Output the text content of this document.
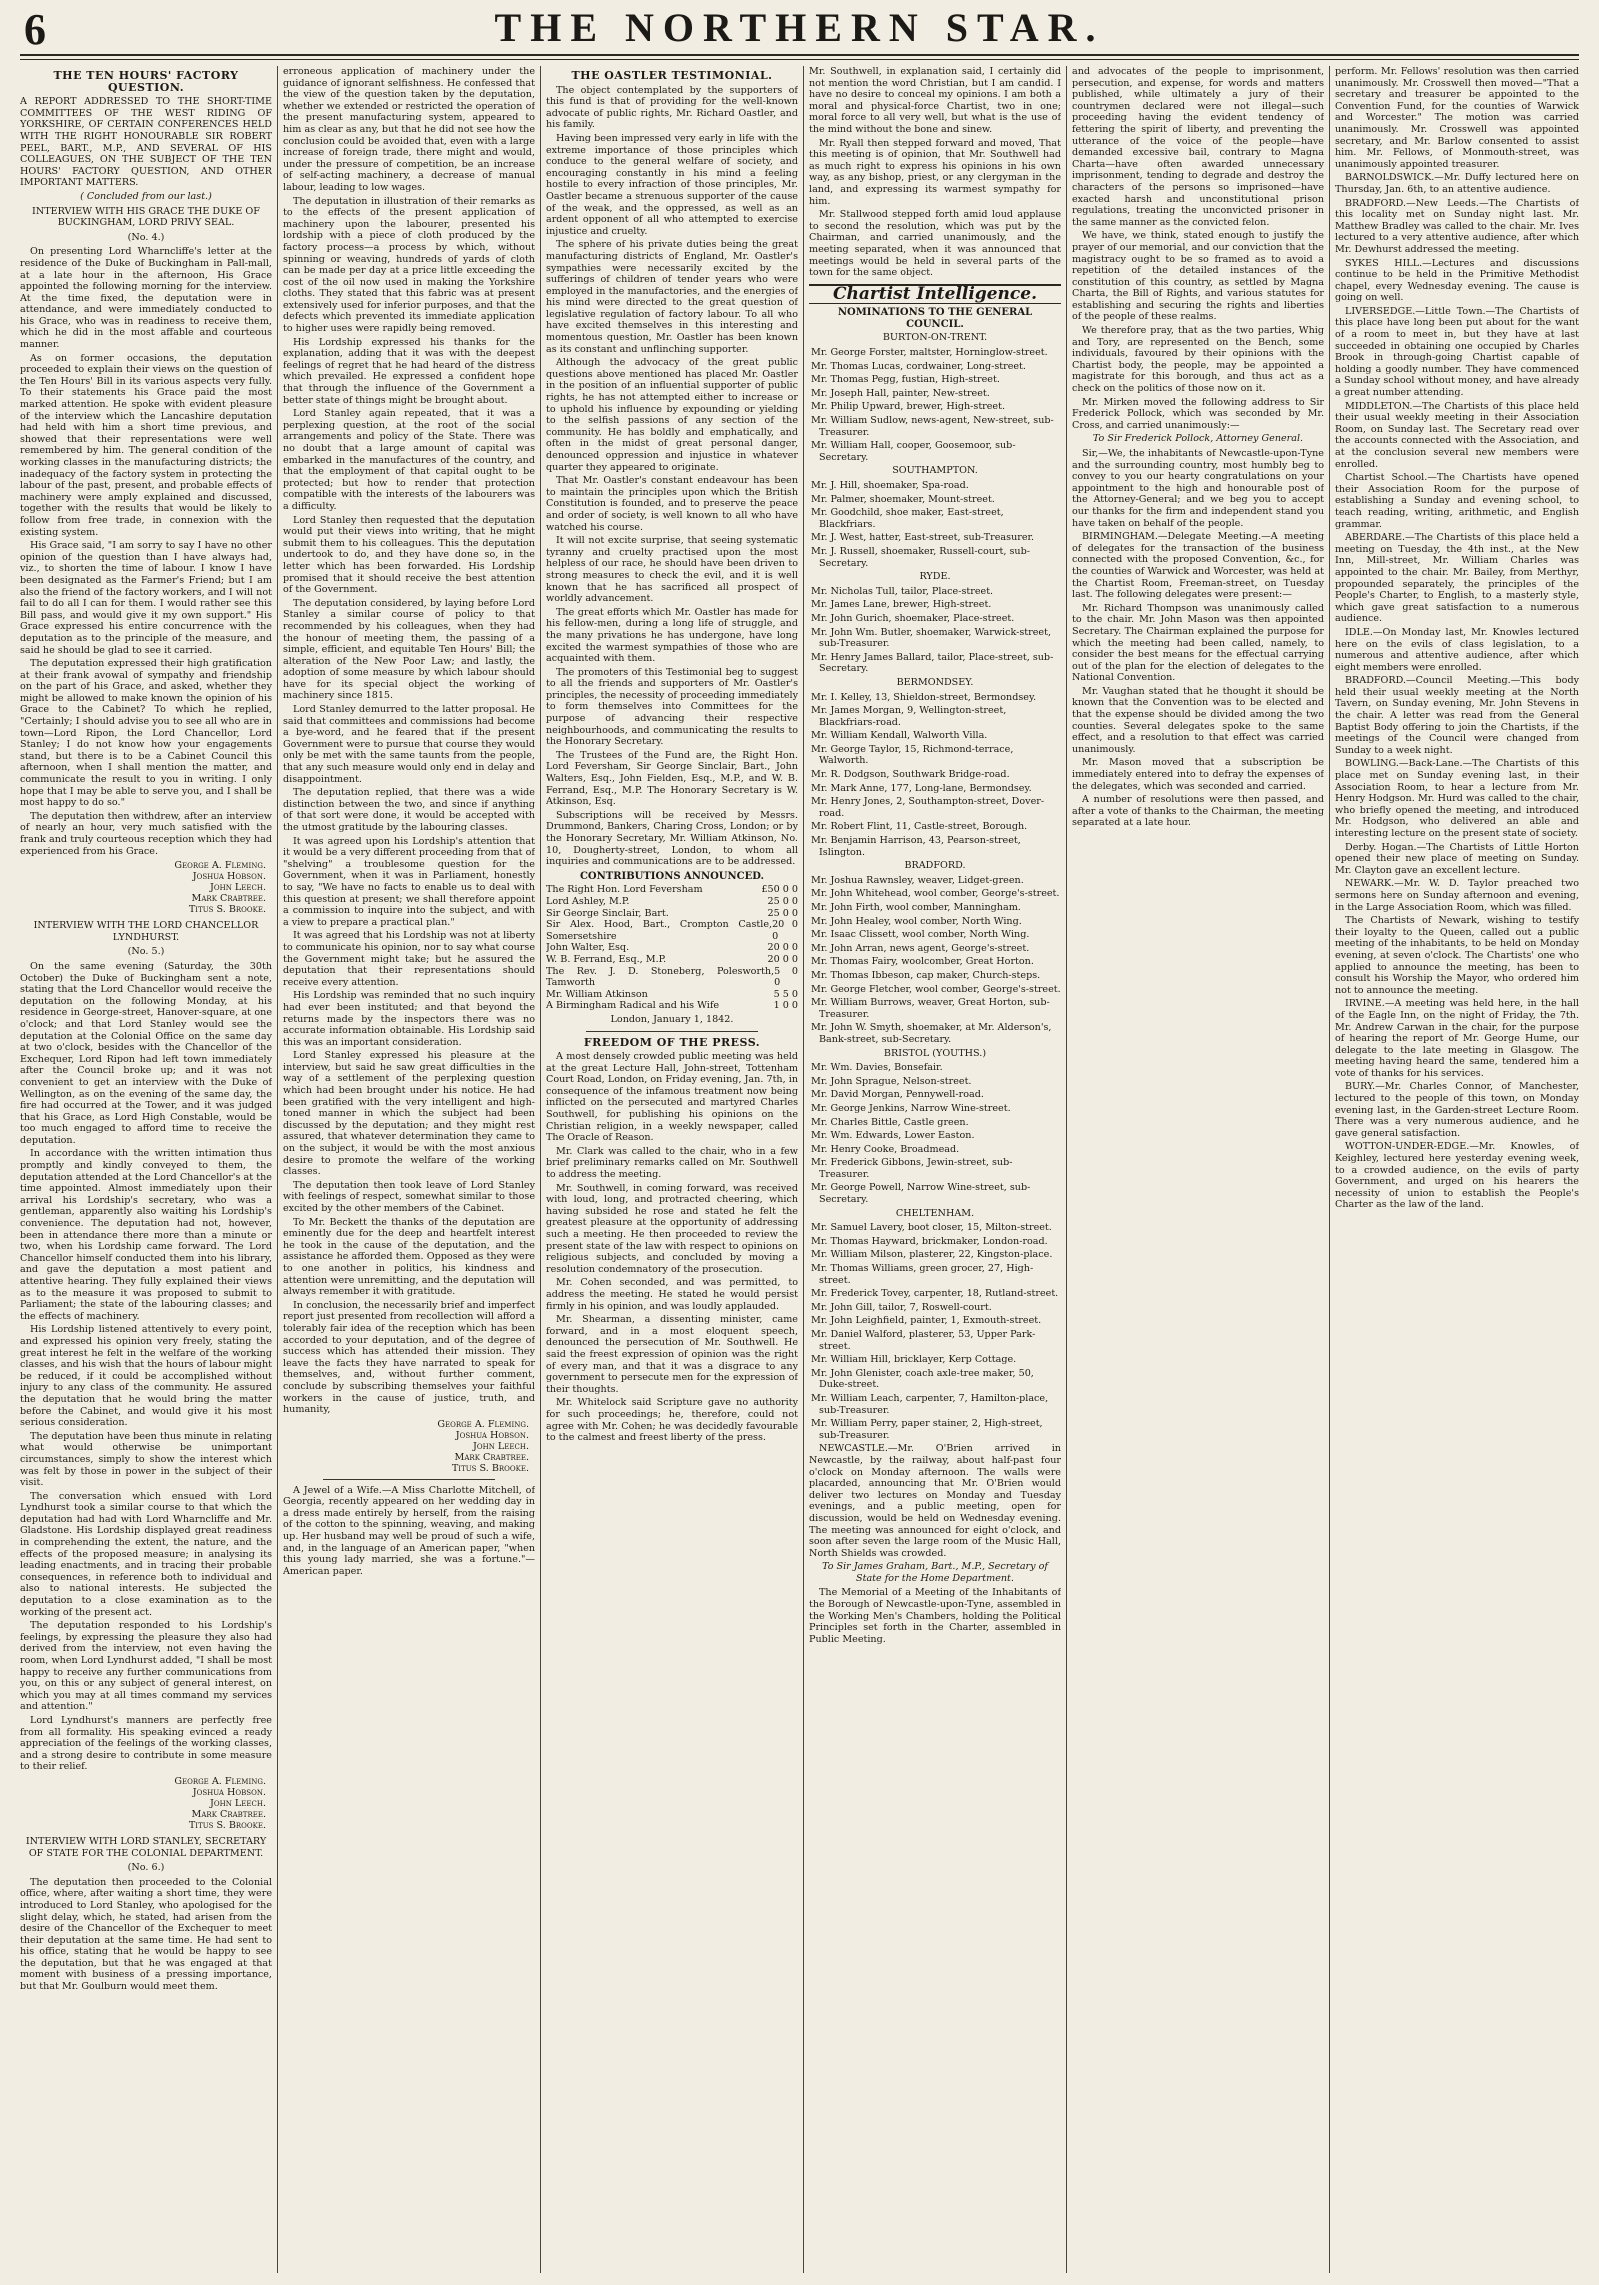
6	THE NORTHERN STAR.
THE TEN HOURS' FACTORY QUESTION.

A REPORT ADDRESSED TO THE SHORT-TIME COMMITTEES OF THE WEST RIDING OF YORKSHIRE, OF CERTAIN CONFERENCES HELD WITH THE RIGHT HONOURABLE SIR ROBERT PEEL, BART., M.P., AND SEVERAL OF HIS COLLEAGUES, ON THE SUBJECT OF THE TEN HOURS' FACTORY QUESTION, AND OTHER IMPORTANT MATTERS.

( Concluded from our last.)
INTERVIEW WITH HIS GRACE THE DUKE OF BUCKINGHAM, LORD PRIVY SEAL.
(No. 4.)

On presenting Lord Wharncliffe's letter at the residence of the Duke of Buckingham in Pall-mall, at a late hour in the afternoon, His Grace appointed the following morning for the interview. At the time fixed, the deputation were in attendance, and were immediately conducted to his Grace, who was in readiness to receive them, which he did in the most affable and courteous manner.

As on former occasions, the deputation proceeded to explain their views on the question of the Ten Hours' Bill in its various aspects very fully. To their statements his Grace paid the most marked attention. He spoke with evident pleasure of the interview which the Lancashire deputation had held with him a short time previous, and showed that their representations were well remembered by him. The general condition of the working classes in the manufacturing districts; the inadequacy of the factory system in protecting the labour of the past, present, and probable effects of machinery were amply explained and discussed, together with the results that would be likely to follow from free trade, in connexion with the existing system.

His Grace said, "I am sorry to say I have no other opinion of the question than I have always had, viz., to shorten the time of labour. I know I have been designated as the Farmer's Friend; but I am also the friend of the factory workers, and I will not fail to do all I can for them. I would rather see this Bill pass, and would give it my own support." His Grace expressed his entire concurrence with the deputation as to the principle of the measure, and said he should be glad to see it carried.

The deputation expressed their high gratification at their frank avowal of sympathy and friendship on the part of his Grace, and asked, whether they might be allowed to make known the opinion of his Grace to the Cabinet? To which he replied, "Certainly; I should advise you to see all who are in town—Lord Ripon, the Lord Chancellor, Lord Stanley; I do not know how your engagements stand, but there is to be a Cabinet Council this afternoon, when I shall mention the matter, and communicate the result to you in writing. I only hope that I may be able to serve you, and I shall be most happy to do so."

The deputation then withdrew, after an interview of nearly an hour, very much satisfied with the frank and truly courteous reception which they had experienced from his Grace.

George A. Fleming.
Joshua Hobson.
John Leech.
Mark Crabtree.
Titus S. Brooke.
INTERVIEW WITH THE LORD CHANCELLOR LYNDHURST.
(No. 5.)

On the same evening (Saturday, the 30th October) the Duke of Buckingham sent a note, stating that the Lord Chancellor would receive the deputation on the following Monday, at his residence in George-street, Hanover-square, at one o'clock; and that Lord Stanley would see the deputation at the Colonial Office on the same day at two o'clock, besides with the Chancellor of the Exchequer, Lord Ripon had left town immediately after the Council broke up; and it was not convenient to get an interview with the Duke of Wellington, as on the evening of the same day, the fire had occurred at the Tower, and it was judged that his Grace, as Lord High Constable, would be too much engaged to afford time to receive the deputation.

In accordance with the written intimation thus promptly and kindly conveyed to them, the deputation attended at the Lord Chancellor's at the time appointed. Almost immediately upon their arrival his Lordship's secretary, who was a gentleman, apparently also waiting his Lordship's convenience. The deputation had not, however, been in attendance there more than a minute or two, when his Lordship came forward. The Lord Chancellor himself conducted them into his library, and gave the deputation a most patient and attentive hearing. They fully explained their views as to the measure it was proposed to submit to Parliament; the state of the labouring classes; and the effects of machinery.

His Lordship listened attentively to every point, and expressed his opinion very freely, stating the great interest he felt in the welfare of the working classes, and his wish that the hours of labour might be reduced, if it could be accomplished without injury to any class of the community. He assured the deputation that he would bring the matter before the Cabinet, and would give it his most serious consideration.

The deputation have been thus minute in relating what would otherwise be unimportant circumstances, simply to show the interest which was felt by those in power in the subject of their visit.

The conversation which ensued with Lord Lyndhurst took a similar course to that which the deputation had had with Lord Wharncliffe and Mr. Gladstone. His Lordship displayed great readiness in comprehending the extent, the nature, and the effects of the proposed measure; in analysing its leading enactments, and in tracing their probable consequences, in reference both to individual and also to national interests. He subjected the deputation to a close examination as to the working of the present act.

The deputation responded to his Lordship's feelings, by expressing the pleasure they also had derived from the interview, not even having the room, when Lord Lyndhurst added, "I shall be most happy to receive any further communications from you, on this or any subject of general interest, on which you may at all times command my services and attention."

Lord Lyndhurst's manners are perfectly free from all formality. His speaking evinced a ready appreciation of the feelings of the working classes, and a strong desire to contribute in some measure to their relief.

George A. Fleming.
Joshua Hobson.
John Leech.
Mark Crabtree.
Titus S. Brooke.
INTERVIEW WITH LORD STANLEY, SECRETARY OF STATE FOR THE COLONIAL DEPARTMENT.
(No. 6.)

The deputation then proceeded to the Colonial office, where, after waiting a short time, they were introduced to Lord Stanley, who apologised for the slight delay, which, he stated, had arisen from the desire of the Chancellor of the Exchequer to meet their deputation at the same time. He had sent to his office, stating that he would be happy to see the deputation, but that he was engaged at that moment with business of a pressing importance, but that Mr. Goulburn would meet them.

erroneous application of machinery under the guidance of ignorant selfishness. He confessed that the view of the question taken by the deputation, whether we extended or restricted the operation of the present manufacturing system, appeared to him as clear as any, but that he did not see how the conclusion could be avoided that, even with a large increase of foreign trade, there might and would, under the pressure of competition, be an increase of self-acting machinery, a decrease of manual labour, leading to low wages.

The deputation in illustration of their remarks as to the effects of the present application of machinery upon the labourer, presented his lordship with a piece of cloth produced by the factory process—a process by which, without spinning or weaving, hundreds of yards of cloth can be made per day at a price little exceeding the cost of the oil now used in making the Yorkshire cloths. They stated that this fabric was at present extensively used for inferior purposes, and that the defects which prevented its immediate application to higher uses were rapidly being removed.

His Lordship expressed his thanks for the explanation, adding that it was with the deepest feelings of regret that he had heard of the distress which prevailed. He expressed a confident hope that through the influence of the Government a better state of things might be brought about.

Lord Stanley again repeated, that it was a perplexing question, at the root of the social arrangements and policy of the State. There was no doubt that a large amount of capital was embarked in the manufactures of the country, and that the employment of that capital ought to be protected; but how to render that protection compatible with the interests of the labourers was a difficulty.

Lord Stanley then requested that the deputation would put their views into writing, that he might submit them to his colleagues. This the deputation undertook to do, and they have done so, in the letter which has been forwarded. His Lordship promised that it should receive the best attention of the Government.

The deputation considered, by laying before Lord Stanley a similar course of policy to that recommended by his colleagues, when they had the honour of meeting them, the passing of a simple, efficient, and equitable Ten Hours' Bill; the alteration of the New Poor Law; and lastly, the adoption of some measure by which labour should have for its special object the working of machinery since 1815.

Lord Stanley demurred to the latter proposal. He said that committees and commissions had become a bye-word, and he feared that if the present Government were to pursue that course they would only be met with the same taunts from the people, that any such measure would only end in delay and disappointment.

The deputation replied, that there was a wide distinction between the two, and since if anything of that sort were done, it would be accepted with the utmost gratitude by the labouring classes.

It was agreed upon his Lordship's attention that it would be a very different proceeding from that of "shelving" a troublesome question for the Government, when it was in Parliament, honestly to say, "We have no facts to enable us to deal with this question at present; we shall therefore appoint a commission to inquire into the subject, and with a view to prepare a practical plan."

It was agreed that his Lordship was not at liberty to communicate his opinion, nor to say what course the Government might take; but he assured the deputation that their representations should receive every attention.

His Lordship was reminded that no such inquiry had ever been instituted; and that beyond the returns made by the inspectors there was no accurate information obtainable. His Lordship said this was an important consideration.

Lord Stanley expressed his pleasure at the interview, but said he saw great difficulties in the way of a settlement of the perplexing question which had been brought under his notice. He had been gratified with the very intelligent and high-toned manner in which the subject had been discussed by the deputation; and they might rest assured, that whatever determination they came to on the subject, it would be with the most anxious desire to promote the welfare of the working classes.

The deputation then took leave of Lord Stanley with feelings of respect, somewhat similar to those excited by the other members of the Cabinet.

To Mr. Beckett the thanks of the deputation are eminently due for the deep and heartfelt interest he took in the cause of the deputation, and the assistance he afforded them. Opposed as they were to one another in politics, his kindness and attention were unremitting, and the deputation will always remember it with gratitude.

In conclusion, the necessarily brief and imperfect report just presented from recollection will afford a tolerably fair idea of the reception which has been accorded to your deputation, and of the degree of success which has attended their mission. They leave the facts they have narrated to speak for themselves, and, without further comment, conclude by subscribing themselves your faithful workers in the cause of justice, truth, and humanity,

George A. Fleming.
Joshua Hobson.
John Leech.
Mark Crabtree.
Titus S. Brooke.

A Jewel of a Wife.—A Miss Charlotte Mitchell, of Georgia, recently appeared on her wedding day in a dress made entirely by herself, from the raising of the cotton to the spinning, weaving, and making up. Her husband may well be proud of such a wife, and, in the language of an American paper, "when this young lady married, she was a fortune."—American paper.

THE OASTLER TESTIMONIAL.

The object contemplated by the supporters of this fund is that of providing for the well-known advocate of public rights, Mr. Richard Oastler, and his family.

Having been impressed very early in life with the extreme importance of those principles which conduce to the general welfare of society, and encouraging constantly in his mind a feeling hostile to every infraction of those principles, Mr. Oastler became a strenuous supporter of the cause of the weak, and the oppressed, as well as an ardent opponent of all who attempted to exercise injustice and cruelty.

The sphere of his private duties being the great manufacturing districts of England, Mr. Oastler's sympathies were necessarily excited by the sufferings of children of tender years who were employed in the manufactories, and the energies of his mind were directed to the great question of legislative regulation of factory labour. To all who have excited themselves in this interesting and momentous question, Mr. Oastler has been known as its constant and unflinching supporter.

Although the advocacy of the great public questions above mentioned has placed Mr. Oastler in the position of an influential supporter of public rights, he has not attempted either to increase or to uphold his influence by expounding or yielding to the selfish passions of any section of the community. He has boldly and emphatically, and often in the midst of great personal danger, denounced oppression and injustice in whatever quarter they appeared to originate.

That Mr. Oastler's constant endeavour has been to maintain the principles upon which the British Constitution is founded, and to preserve the peace and order of society, is well known to all who have watched his course.

It will not excite surprise, that seeing systematic tyranny and cruelty practised upon the most helpless of our race, he should have been driven to strong measures to check the evil, and it is well known that he has sacrificed all prospect of worldly advancement.

The great efforts which Mr. Oastler has made for his fellow-men, during a long life of struggle, and the many privations he has undergone, have long excited the warmest sympathies of those who are acquainted with them.

The promoters of this Testimonial beg to suggest to all the friends and supporters of Mr. Oastler's principles, the necessity of proceeding immediately to form themselves into Committees for the purpose of advancing their respective neighbourhoods, and communicating the results to the Honorary Secretary.

The Trustees of the Fund are, the Right Hon. Lord Feversham, Sir George Sinclair, Bart., John Walters, Esq., John Fielden, Esq., M.P., and W. B. Ferrand, Esq., M.P. The Honorary Secretary is W. Atkinson, Esq.

Subscriptions will be received by Messrs. Drummond, Bankers, Charing Cross, London; or by the Honorary Secretary, Mr. William Atkinson, No. 10, Dougherty-street, London, to whom all inquiries and communications are to be addressed.

CONTRIBUTIONS ANNOUNCED.
The Right Hon. Lord Feversham	£50 0 0
Lord Ashley, M.P.	25 0 0
Sir George Sinclair, Bart.	25 0 0
Sir Alex. Hood, Bart., Crompton Castle, Somersetshire
20 0 0
John Walter, Esq.	20 0 0
W. B. Ferrand, Esq., M.P.	20 0 0
The Rev. J. D. Stoneberg, Polesworth, Tamworth
5 0 0
Mr. William Atkinson	5 5 0
A Birmingham Radical and his Wife	1 0 0
London, January 1, 1842.
FREEDOM OF THE PRESS.

A most densely crowded public meeting was held at the great Lecture Hall, John-street, Tottenham Court Road, London, on Friday evening, Jan. 7th, in consequence of the infamous treatment now being inflicted on the persecuted and martyred Charles Southwell, for publishing his opinions on the Christian religion, in a weekly newspaper, called The Oracle of Reason.

Mr. Clark was called to the chair, who in a few brief preliminary remarks called on Mr. Southwell to address the meeting.

Mr. Southwell, in coming forward, was received with loud, long, and protracted cheering, which having subsided he rose and stated he felt the greatest pleasure at the opportunity of addressing such a meeting. He then proceeded to review the present state of the law with respect to opinions on religious subjects, and concluded by moving a resolution condemnatory of the prosecution.

Mr. Cohen seconded, and was permitted, to address the meeting. He stated he would persist firmly in his opinion, and was loudly applauded.

Mr. Shearman, a dissenting minister, came forward, and in a most eloquent speech, denounced the persecution of Mr. Southwell. He said the freest expression of opinion was the right of every man, and that it was a disgrace to any government to persecute men for the expression of their thoughts.

Mr. Whitelock said Scripture gave no authority for such proceedings; he, therefore, could not agree with Mr. Cohen; he was decidedly favourable to the calmest and freest liberty of the press.

Mr. Southwell, in explanation said, I certainly did not mention the word Christian, but I am candid. I have no desire to conceal my opinions. I am both a moral and physical-force Chartist, two in one; moral force to all very well, but what is the use of the mind without the bone and sinew.

Mr. Ryall then stepped forward and moved, That this meeting is of opinion, that Mr. Southwell had as much right to express his opinions in his own way, as any bishop, priest, or any clergyman in the land, and expressing its warmest sympathy for him.

Mr. Stallwood stepped forth amid loud applause to second the resolution, which was put by the Chairman, and carried unanimously, and the meeting separated, when it was announced that meetings would be held in several parts of the town for the same object.

Chartist Intelligence.
NOMINATIONS TO THE GENERAL COUNCIL.
BURTON-ON-TRENT.
Mr. George Forster, maltster, Horninglow-street.
Mr. Thomas Lucas, cordwainer, Long-street.
Mr. Thomas Pegg, fustian, High-street.
Mr. Joseph Hall, painter, New-street.
Mr. Philip Upward, brewer, High-street.
Mr. William Sudlow, news-agent, New-street, sub-Treasurer.
Mr. William Hall, cooper, Goosemoor, sub-Secretary.
SOUTHAMPTON.
Mr. J. Hill, shoemaker, Spa-road.
Mr. Palmer, shoemaker, Mount-street.
Mr. Goodchild, shoe maker, East-street, Blackfriars.
Mr. J. West, hatter, East-street, sub-Treasurer.
Mr. J. Russell, shoemaker, Russell-court, sub-Secretary.
RYDE.
Mr. Nicholas Tull, tailor, Place-street.
Mr. James Lane, brewer, High-street.
Mr. John Gurich, shoemaker, Place-street.
Mr. John Wm. Butler, shoemaker, Warwick-street, sub-Treasurer.
Mr. Henry James Ballard, tailor, Place-street, sub-Secretary.
BERMONDSEY.
Mr. I. Kelley, 13, Shieldon-street, Bermondsey.
Mr. James Morgan, 9, Wellington-street, Blackfriars-road.
Mr. William Kendall, Walworth Villa.
Mr. George Taylor, 15, Richmond-terrace, Walworth.
Mr. R. Dodgson, Southwark Bridge-road.
Mr. Mark Anne, 177, Long-lane, Bermondsey.
Mr. Henry Jones, 2, Southampton-street, Dover-road.
Mr. Robert Flint, 11, Castle-street, Borough.
Mr. Benjamin Harrison, 43, Pearson-street, Islington.
BRADFORD.
Mr. Joshua Rawnsley, weaver, Lidget-green.
Mr. John Whitehead, wool comber, George's-street.
Mr. John Firth, wool comber, Manningham.
Mr. John Healey, wool comber, North Wing.
Mr. Isaac Clissett, wool comber, North Wing.
Mr. John Arran, news agent, George's-street.
Mr. Thomas Fairy, woolcomber, Great Horton.
Mr. Thomas Ibbeson, cap maker, Church-steps.
Mr. George Fletcher, wool comber, George's-street.
Mr. William Burrows, weaver, Great Horton, sub-Treasurer.
Mr. John W. Smyth, shoemaker, at Mr. Alderson's, Bank-street, sub-Secretary.
BRISTOL (YOUTHS.)
Mr. Wm. Davies, Bonsefair.
Mr. John Sprague, Nelson-street.
Mr. David Morgan, Pennywell-road.
Mr. George Jenkins, Narrow Wine-street.
Mr. Charles Bittle, Castle green.
Mr. Wm. Edwards, Lower Easton.
Mr. Henry Cooke, Broadmead.
Mr. Frederick Gibbons, Jewin-street, sub-Treasurer.
Mr. George Powell, Narrow Wine-street, sub-Secretary.
CHELTENHAM.
Mr. Samuel Lavery, boot closer, 15, Milton-street.
Mr. Thomas Hayward, brickmaker, London-road.
Mr. William Milson, plasterer, 22, Kingston-place.
Mr. Thomas Williams, green grocer, 27, High-street.
Mr. Frederick Tovey, carpenter, 18, Rutland-street.
Mr. John Gill, tailor, 7, Roswell-court.
Mr. John Leighfield, painter, 1, Exmouth-street.
Mr. Daniel Walford, plasterer, 53, Upper Park-street.
Mr. William Hill, bricklayer, Kerp Cottage.
Mr. John Glenister, coach axle-tree maker, 50, Duke-street.
Mr. William Leach, carpenter, 7, Hamilton-place, sub-Treasurer.
Mr. William Perry, paper stainer, 2, High-street, sub-Treasurer.

NEWCASTLE.—Mr. O'Brien arrived in Newcastle, by the railway, about half-past four o'clock on Monday afternoon. The walls were placarded, announcing that Mr. O'Brien would deliver two lectures on Monday and Tuesday evenings, and a public meeting, open for discussion, would be held on Wednesday evening. The meeting was announced for eight o'clock, and soon after seven the large room of the Music Hall, North Shields was crowded.

To Sir James Graham, Bart., M.P., Secretary of State for the Home Department.

The Memorial of a Meeting of the Inhabitants of the Borough of Newcastle-upon-Tyne, assembled in the Working Men's Chambers, holding the Political Principles set forth in the Charter, assembled in Public Meeting.

and advocates of the people to imprisonment, persecution, and expense, for words and matters published, while ultimately a jury of their countrymen declared were not illegal—such proceeding having the evident tendency of fettering the spirit of liberty, and preventing the utterance of the voice of the people—have demanded excessive bail, contrary to Magna Charta—have often awarded unnecessary imprisonment, tending to degrade and destroy the characters of the persons so imprisoned—have exacted harsh and unconstitutional prison regulations, treating the unconvicted prisoner in the same manner as the convicted felon.

We have, we think, stated enough to justify the prayer of our memorial, and our conviction that the magistracy ought to be so framed as to avoid a repetition of the detailed instances of the constitution of this country, as settled by Magna Charta, the Bill of Rights, and various statutes for establishing and securing the rights and liberties of the people of these realms.

We therefore pray, that as the two parties, Whig and Tory, are represented on the Bench, some individuals, favoured by their opinions with the Chartist body, the people, may be appointed a magistrate for this borough, and thus act as a check on the politics of those now on it.

Mr. Mirken moved the following address to Sir Frederick Pollock, which was seconded by Mr. Cross, and carried unanimously:—

To Sir Frederick Pollock, Attorney General.

Sir,—We, the inhabitants of Newcastle-upon-Tyne and the surrounding country, most humbly beg to convey to you our hearty congratulations on your appointment to the high and honourable post of the Attorney-General; and we beg you to accept our thanks for the firm and independent stand you have taken on behalf of the people.

BIRMINGHAM.—Delegate Meeting.—A meeting of delegates for the transaction of the business connected with the proposed Convention, &c., for the counties of Warwick and Worcester, was held at the Chartist Room, Freeman-street, on Tuesday last. The following delegates were present:—

Mr. Richard Thompson was unanimously called to the chair. Mr. John Mason was then appointed Secretary. The Chairman explained the purpose for which the meeting had been called, namely, to consider the best means for the effectual carrying out of the plan for the election of delegates to the National Convention.

Mr. Vaughan stated that he thought it should be known that the Convention was to be elected and that the expense should be divided among the two counties. Several delegates spoke to the same effect, and a resolution to that effect was carried unanimously.

Mr. Mason moved that a subscription be immediately entered into to defray the expenses of the delegates, which was seconded and carried.

A number of resolutions were then passed, and after a vote of thanks to the Chairman, the meeting separated at a late hour.

perform. Mr. Fellows' resolution was then carried unanimously. Mr. Crosswell then moved—"That a secretary and treasurer be appointed to the Convention Fund, for the counties of Warwick and Worcester." The motion was carried unanimously. Mr. Crosswell was appointed secretary, and Mr. Barlow consented to assist him. Mr. Fellows, of Monmouth-street, was unanimously appointed treasurer.

BARNOLDSWICK.—Mr. Duffy lectured here on Thursday, Jan. 6th, to an attentive audience.

BRADFORD.—New Leeds.—The Chartists of this locality met on Sunday night last. Mr. Matthew Bradley was called to the chair. Mr. Ives lectured to a very attentive audience, after which Mr. Dewhurst addressed the meeting.

SYKES HILL.—Lectures and discussions continue to be held in the Primitive Methodist chapel, every Wednesday evening. The cause is going on well.

LIVERSEDGE.—Little Town.—The Chartists of this place have long been put about for the want of a room to meet in, but they have at last succeeded in obtaining one occupied by Charles Brook in through-going Chartist capable of holding a goodly number. They have commenced a Sunday school without money, and have already a great number attending.

MIDDLETON.—The Chartists of this place held their usual weekly meeting in their Association Room, on Sunday last. The Secretary read over the accounts connected with the Association, and at the conclusion several new members were enrolled.

Chartist School.—The Chartists have opened their Association Room for the purpose of establishing a Sunday and evening school, to teach reading, writing, arithmetic, and English grammar.

ABERDARE.—The Chartists of this place held a meeting on Tuesday, the 4th inst., at the New Inn, Mill-street, Mr. William Charles was appointed to the chair. Mr. Bailey, from Merthyr, propounded separately, the principles of the People's Charter, to English, to a masterly style, which gave great satisfaction to a numerous audience.

IDLE.—On Monday last, Mr. Knowles lectured here on the evils of class legislation, to a numerous and attentive audience, after which eight members were enrolled.

BRADFORD.—Council Meeting.—This body held their usual weekly meeting at the North Tavern, on Sunday evening, Mr. John Stevens in the chair. A letter was read from the General Baptist Body offering to join the Chartists, if the meetings of the Council were changed from Sunday to a week night.

BOWLING.—Back-Lane.—The Chartists of this place met on Sunday evening last, in their Association Room, to hear a lecture from Mr. Henry Hodgson. Mr. Hurd was called to the chair, who briefly opened the meeting, and introduced Mr. Hodgson, who delivered an able and interesting lecture on the present state of society.

Derby. Hogan.—The Chartists of Little Horton opened their new place of meeting on Sunday. Mr. Clayton gave an excellent lecture.

NEWARK.—Mr. W. D. Taylor preached two sermons here on Sunday afternoon and evening, in the Large Association Room, which was filled.

The Chartists of Newark, wishing to testify their loyalty to the Queen, called out a public meeting of the inhabitants, to be held on Monday evening, at seven o'clock. The Chartists' one who applied to announce the meeting, has been to consult his Worship the Mayor, who ordered him not to announce the meeting.

IRVINE.—A meeting was held here, in the hall of the Eagle Inn, on the night of Friday, the 7th. Mr. Andrew Carwan in the chair, for the purpose of hearing the report of Mr. George Hume, our delegate to the late meeting in Glasgow. The meeting having heard the same, tendered him a vote of thanks for his services.

BURY.—Mr. Charles Connor, of Manchester, lectured to the people of this town, on Monday evening last, in the Garden-street Lecture Room. There was a very numerous audience, and he gave general satisfaction.

WOTTON-UNDER-EDGE.—Mr. Knowles, of Keighley, lectured here yesterday evening week, to a crowded audience, on the evils of party Government, and urged on his hearers the necessity of union to establish the People's Charter as the law of the land.
